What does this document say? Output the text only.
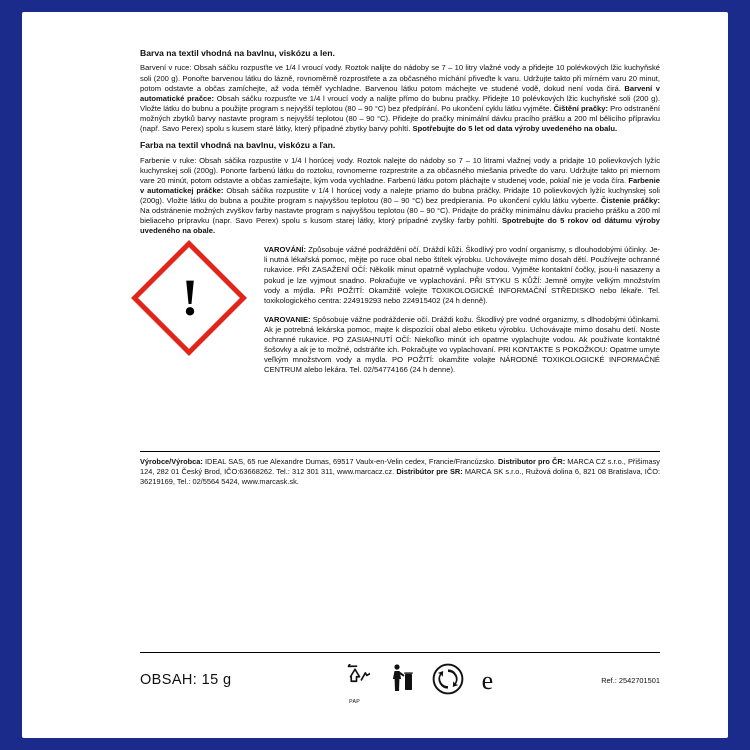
Barva na textil vhodná na bavlnu, viskózu a len.
Barvení v ruce: Obsah sáčku rozpusťte ve 1/4 l vroucí vody. Roztok nalijte do nádoby se 7 – 10 litry vlažné vody a přidejte 10 polévkových lžic kuchyňské soli (200 g). Ponořte barvenou látku do lázně, rovnoměrně rozprostřete a za občasného míchání přiveďte k varu. Udržujte takto při mírném varu 20 minut, potom odstavte a občas zamíchejte, až voda téměř vychladne. Barvenou látku potom máchejte ve studené vodě, dokud není voda čirá. Barvení v automatické pračce: Obsah sáčku rozpusťte ve 1/4 l vroucí vody a nalijte přímo do bubnu pračky. Přidejte 10 polévkových lžic kuchyňské soli (200 g). Vložte látku do bubnu a použijte program s nejvyšší teplotou (80 – 90 °C) bez předpírání. Po ukončení cyklu látku vyjměte. Čištění pračky: Pro odstranění možných zbytků barvy nastavte program s nejvyšší teplotou (80 – 90 °C). Přidejte do pračky minimální dávku pracího prášku a 200 ml bělicího přípravku (např. Savo Perex) spolu s kusem staré látky, který případné zbytky barvy pohltí. Spotřebujte do 5 let od data výroby uvedeného na obalu.
Farba na textil vhodná na bavlnu, viskózu a ľan.
Farbenie v ruke: Obsah sáčika rozpustite v 1/4 l horúcej vody. Roztok nalejte do nádoby so 7 – 10 litrami vlažnej vody a pridajte 10 polievkových lyžíc kuchynskej soli (200g). Ponorte farbenú látku do roztoku, rovnomerne rozprestrite a za občasného miešania priveďte do varu. Udržujte takto pri miernom vare 20 minút, potom odstavte a občas zamiešajte, kým voda vychladne. Farbenú látku potom pláchajte v studenej vode, pokiaľ nie je voda číra. Farbenie v automatickej práčke: Obsah sáčika rozpustite v 1/4 l horúcej vody a nalejte priamo do bubna práčky. Pridajte 10 polievkových lyžíc kuchynskej soli (200g). Vložte látku do bubna a použite program s najvyššou teplotou (80 – 90 °C) bez predpierania. Po ukončení cyklu látku vyberte. Čistenie práčky: Na odstránenie možných zvyškov farby nastavte program s najvyššou teplotou (80 – 90 °C). Pridajte do práčky minimálnu dávku pracieho prášku a 200 ml bieliaceho prípravku (napr. Savo Perex) spolu s kusom starej látky, ktorý prípadné zvyšky farby pohltí. Spotrebujte do 5 rokov od dátumu výroby uvedeného na obale.
!
VAROVÁNÍ: Způsobuje vážné podráždění očí. Dráždí kůži. Škodlivý pro vodní organismy, s dlouhodobými účinky. Je-li nutná lékařská pomoc, mějte po ruce obal nebo štítek výrobku. Uchovávejte mimo dosah dětí. Používejte ochranné rukavice. PŘI ZASAŽENÍ OČÍ: Několik minut opatrně vyplachujte vodou. Vyjměte kontaktní čočky, jsou-li nasazeny a pokud je lze vyjmout snadno. Pokračujte ve vyplachování. PŘI STYKU S KŮŽÍ: Jemně omyjte velkým množstvím vody a mýdla. PŘI POŽITÍ: Okamžitě volejte TOXIKOLOGICKÉ INFORMAČNÍ STŘEDISKO nebo lékaře. Tel. toxikologického centra: 224919293 nebo 224915402 (24 h denně).
VAROVANIE: Spôsobuje vážne podráždenie očí. Dráždi kožu. Škodlivý pre vodné organizmy, s dlhodobými účinkami. Ak je potrebná lekárska pomoc, majte k dispozícii obal alebo etiketu výrobku. Uchovávajte mimo dosahu detí. Noste ochranné rukavice. PO ZASIAHNUTÍ OČÍ: Niekoľko minút ich opatrne vyplachujte vodou. Ak používate kontaktné šošovky a ak je to možné, odstráňte ich. Pokračujte vo vyplachovaní. PRI KONTAKTE S POKOŽKOU: Opatrne umyte veľkým množstvom vody a mydla. PO POŽITÍ: okamžite volajte NÁRODNÉ TOXIKOLOGICKÉ INFORMAČNÉ CENTRUM alebo lekára. Tel. 02/54774166 (24 h denne).
Výrobce/Výrobca: IDEAL SAS, 65 rue Alexandre Dumas, 69517 Vaulx-en-Velin cedex, Francie/Francúzsko. Distributor pro ČR: MARCA CZ s.r.o., Přišimasy 124, 282 01 Český Brod, IČO:63668262. Tel.: 312 301 311, www.marcacz.cz. Distribútor pre SR: MARCA SK s.r.o., Ružová dolina 6, 821 08 Bratislava, IČO: 36219169, Tel.: 02/5564 5424, www.marcask.sk.
OBSAH: 15 g
PAP
e	Ref.: 2542701501
